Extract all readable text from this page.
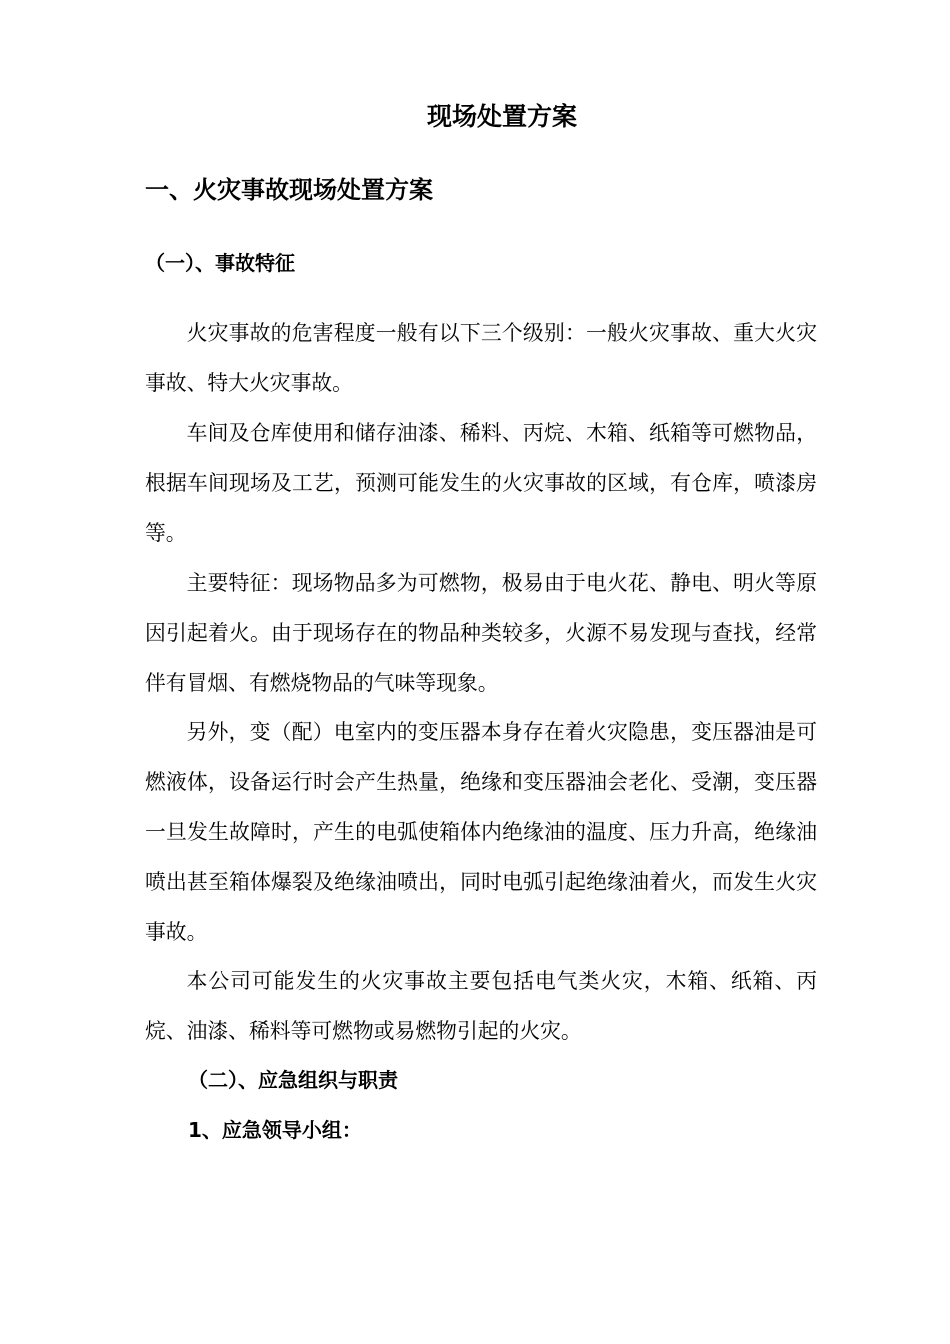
现场处置方案
一、火灾事故现场处置方案
（一）、事故特征

火灾事故的危害程度一般有以下三个级别：一般火灾事故、重大火灾事故、特大火灾事故。

车间及仓库使用和储存油漆、稀料、丙烷、木箱、纸箱等可燃物品，根据车间现场及工艺，预测可能发生的火灾事故的区域，有仓库，喷漆房等。

主要特征：现场物品多为可燃物，极易由于电火花、静电、明火等原因引起着火。由于现场存在的物品种类较多，火源不易发现与查找，经常伴有冒烟、有燃烧物品的气味等现象。

另外，变（配）电室内的变压器本身存在着火灾隐患，变压器油是可燃液体，设备运行时会产生热量，绝缘和变压器油会老化、受潮，变压器一旦发生故障时，产生的电弧使箱体内绝缘油的温度、压力升高，绝缘油喷出甚至箱体爆裂及绝缘油喷出，同时电弧引起绝缘油着火，而发生火灾事故。

本公司可能发生的火灾事故主要包括电气类火灾，木箱、纸箱、丙烷、油漆、稀料等可燃物或易燃物引起的火灾。

（二）、应急组织与职责
1、应急领导小组：
